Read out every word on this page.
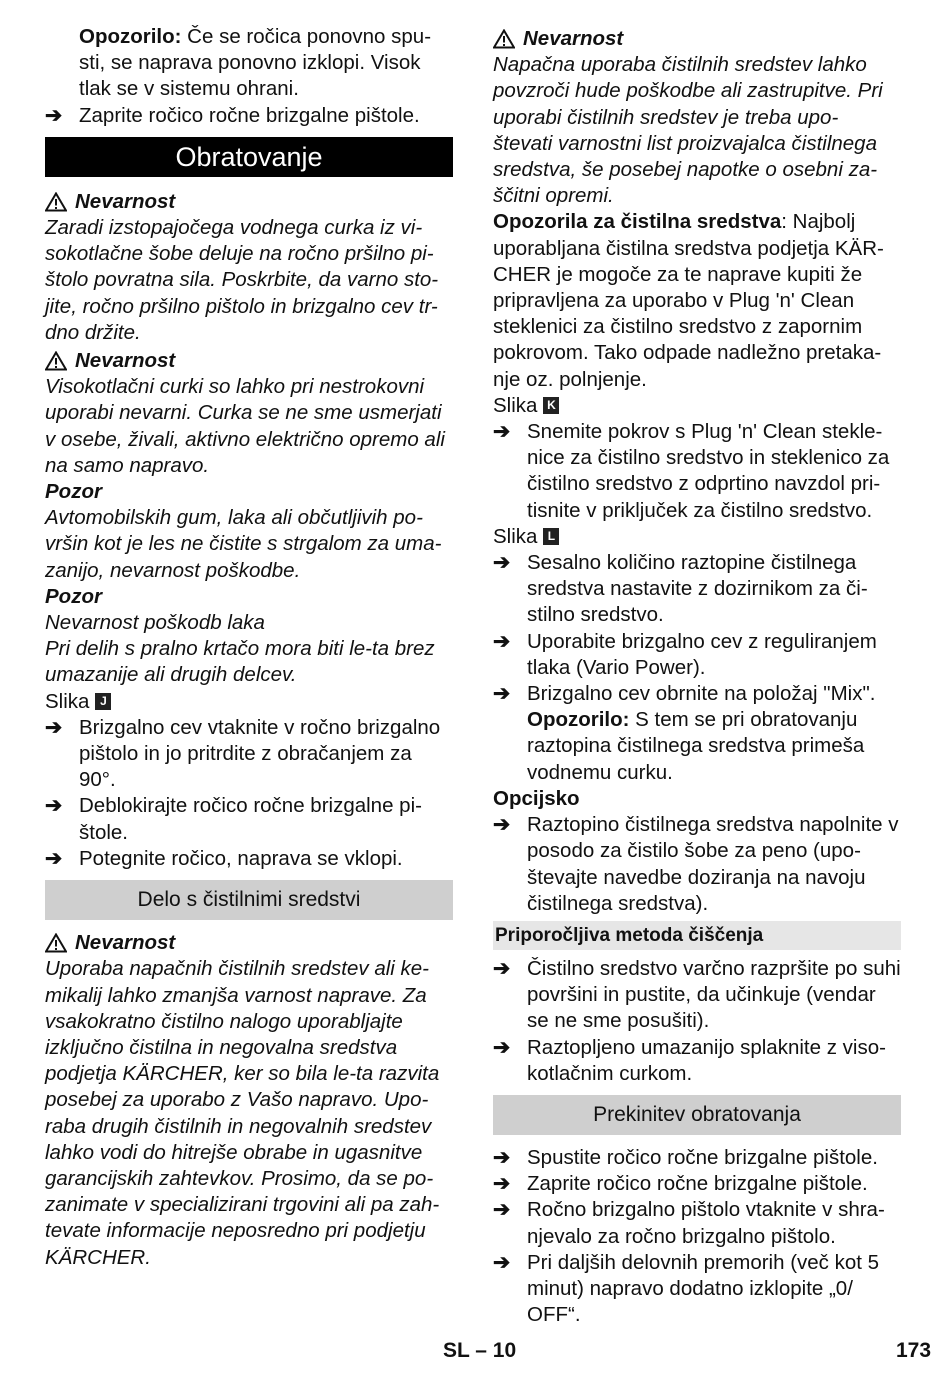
Opozorilo: Če se ročica ponovno spu- sti, se naprava ponovno izklopi. Visok tlak se v sistemu ohrani.

➔ Zaprite ročico ročne brizgalne pištole.
Obratovanje
Nevarnost

Zaradi izstopajočega vodnega curka iz vi- sokotlačne šobe deluje na ročno pršilno pi- štolo povratna sila. Poskrbite, da varno sto- jite, ročno pršilno pištolo in brizgalno cev tr- dno držite.

Nevarnost

Visokotlačni curki so lahko pri nestrokovni uporabi nevarni. Curka se ne sme usmerjati v osebe, živali, aktivno električno opremo ali na samo napravo.

Pozor

Avtomobilskih gum, laka ali občutljivih po- vršin kot je les ne čistite s strgalom za uma- zanijo, nevarnost poškodbe.

Pozor

Nevarnost poškodb laka

Pri delih s pralno krtačo mora biti le-ta brez umazanije ali drugih delcev.

Slika J
➔ Brizgalno cev vtaknite v ročno brizgalno pištolo in jo pritrdite z obračanjem za 90°.
➔ Deblokirajte ročico ročne brizgalne pi- štole.
➔ Potegnite ročico, naprava se vklopi.
Delo s čistilnimi sredstvi
Nevarnost

Uporaba napačnih čistilnih sredstev ali ke- mikalij lahko zmanjša varnost naprave. Za vsakokratno čistilno nalogo uporabljajte izključno čistilna in negovalna sredstva podjetja KÄRCHER, ker so bila le-ta razvita posebej za uporabo z Vašo napravo. Upo- raba drugih čistilnih in negovalnih sredstev lahko vodi do hitrejše obrabe in ugasnitve garancijskih zahtevkov. Prosimo, da se po- zanimate v specializirani trgovini ali pa zah- tevate informacije neposredno pri podjetju KÄRCHER.

Nevarnost

Napačna uporaba čistilnih sredstev lahko povzroči hude poškodbe ali zastrupitve. Pri uporabi čistilnih sredstev je treba upo- števati varnostni list proizvajalca čistilnega sredstva, še posebej napotke o osebni za- ščitni opremi.

Opozorila za čistilna sredstva: Najbolj uporabljana čistilna sredstva podjetja KÄR- CHER je mogoče za te naprave kupiti že pripravljena za uporabo v Plug 'n' Clean steklenici za čistilno sredstvo z zapornim pokrovom. Tako odpade nadležno pretaka- nje oz. polnjenje.

Slika K
➔ Snemite pokrov s Plug 'n' Clean stekle- nice za čistilno sredstvo in steklenico za čistilno sredstvo z odprtino navzdol pri- tisnite v priključek za čistilno sredstvo.
Slika L
➔ Sesalno količino raztopine čistilnega sredstva nastavite z dozirnikom za či- stilno sredstvo.
➔ Uporabite brizgalno cev z reguliranjem tlaka (Vario Power).
➔ Brizgalno cev obrnite na položaj "Mix".

Opozorilo: S tem se pri obratovanju raztopina čistilnega sredstva primeša vodnemu curku.

Opcijsko

➔ Raztopino čistilnega sredstva napolnite v posodo za čistilo šobe za peno (upo- števajte navedbe doziranja na navoju čistilnega sredstva).
Priporočljiva metoda čiščenja
➔ Čistilno sredstvo varčno razpršite po suhi površini in pustite, da učinkuje (vendar se ne sme posušiti).
➔ Raztopljeno umazanijo splaknite z viso- kotlačnim curkom.
Prekinitev obratovanja
➔ Spustite ročico ročne brizgalne pištole.
➔ Zaprite ročico ročne brizgalne pištole.
➔ Ročno brizgalno pištolo vtaknite v shra- njevalo za ročno brizgalno pištolo.
➔ Pri daljših delovnih premorih (več kot 5 minut) napravo dodatno izklopite „0/ OFF“.
SL – 10	173
